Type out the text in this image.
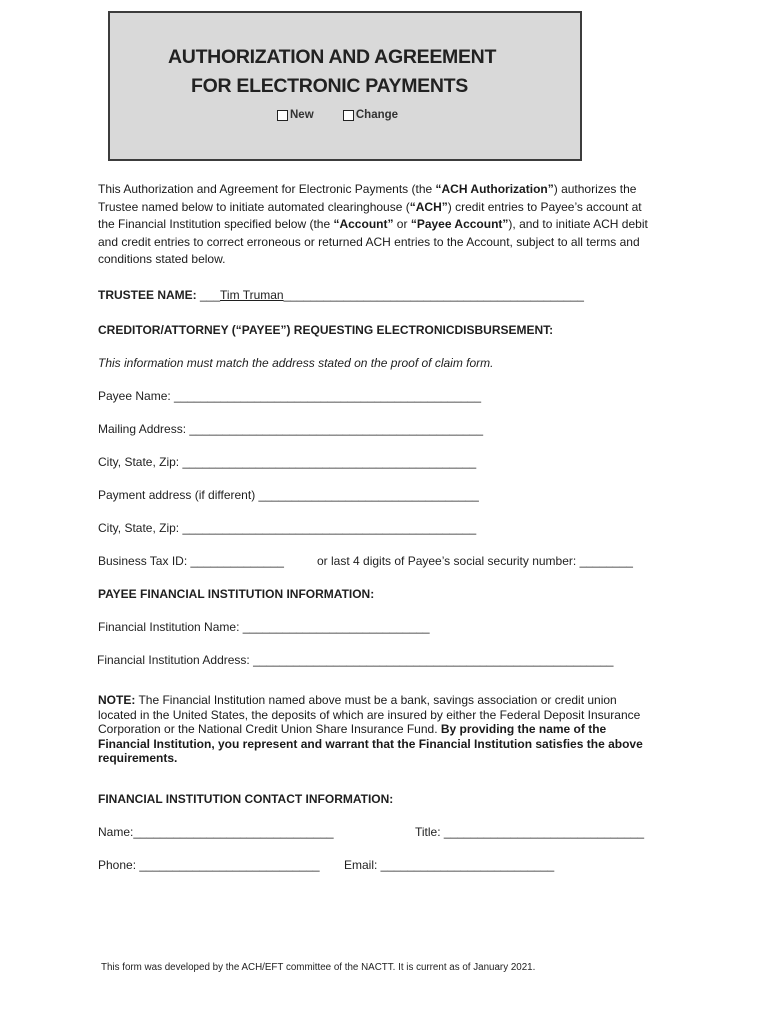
AUTHORIZATION AND AGREEMENT
FOR ELECTRONIC PAYMENTS
New
	Change
This Authorization and Agreement for Electronic Payments (the “ACH Authorization”) authorizes the
Trustee named below to initiate automated clearinghouse (“ACH”) credit entries to Payee’s account at
the Financial Institution specified below (the “Account” or “Payee Account”), and to initiate ACH debit
and credit entries to correct erroneous or returned ACH entries to the Account, subject to all terms and
conditions stated below.
TRUSTEE NAME: ___Tim Truman_____________________________________________
CREDITOR/ATTORNEY (“PAYEE”) REQUESTING ELECTRONICDISBURSEMENT:
This information must match the address stated on the proof of claim form.
Payee Name: ______________________________________________
Mailing Address: ____________________________________________
City, State, Zip: ____________________________________________
Payment address (if different) _________________________________
City, State, Zip: ____________________________________________
Business Tax ID: ______________	or last 4 digits of Payee’s social security number: ________
PAYEE FINANCIAL INSTITUTION INFORMATION:
Financial Institution Name: ____________________________
Financial Institution Address: ______________________________________________________
NOTE: The Financial Institution named above must be a bank, savings association or credit union
located in the United States, the deposits of which are insured by either the Federal Deposit Insurance
Corporation or the National Credit Union Share Insurance Fund. By providing the name of the
Financial Institution, you represent and warrant that the Financial Institution satisfies the above
requirements.
FINANCIAL INSTITUTION CONTACT INFORMATION:
Name:______________________________	Title: ______________________________
Phone: ___________________________ Email: __________________________
This form was developed by the ACH/EFT committee of the NACTT. It is current as of January 2021.
